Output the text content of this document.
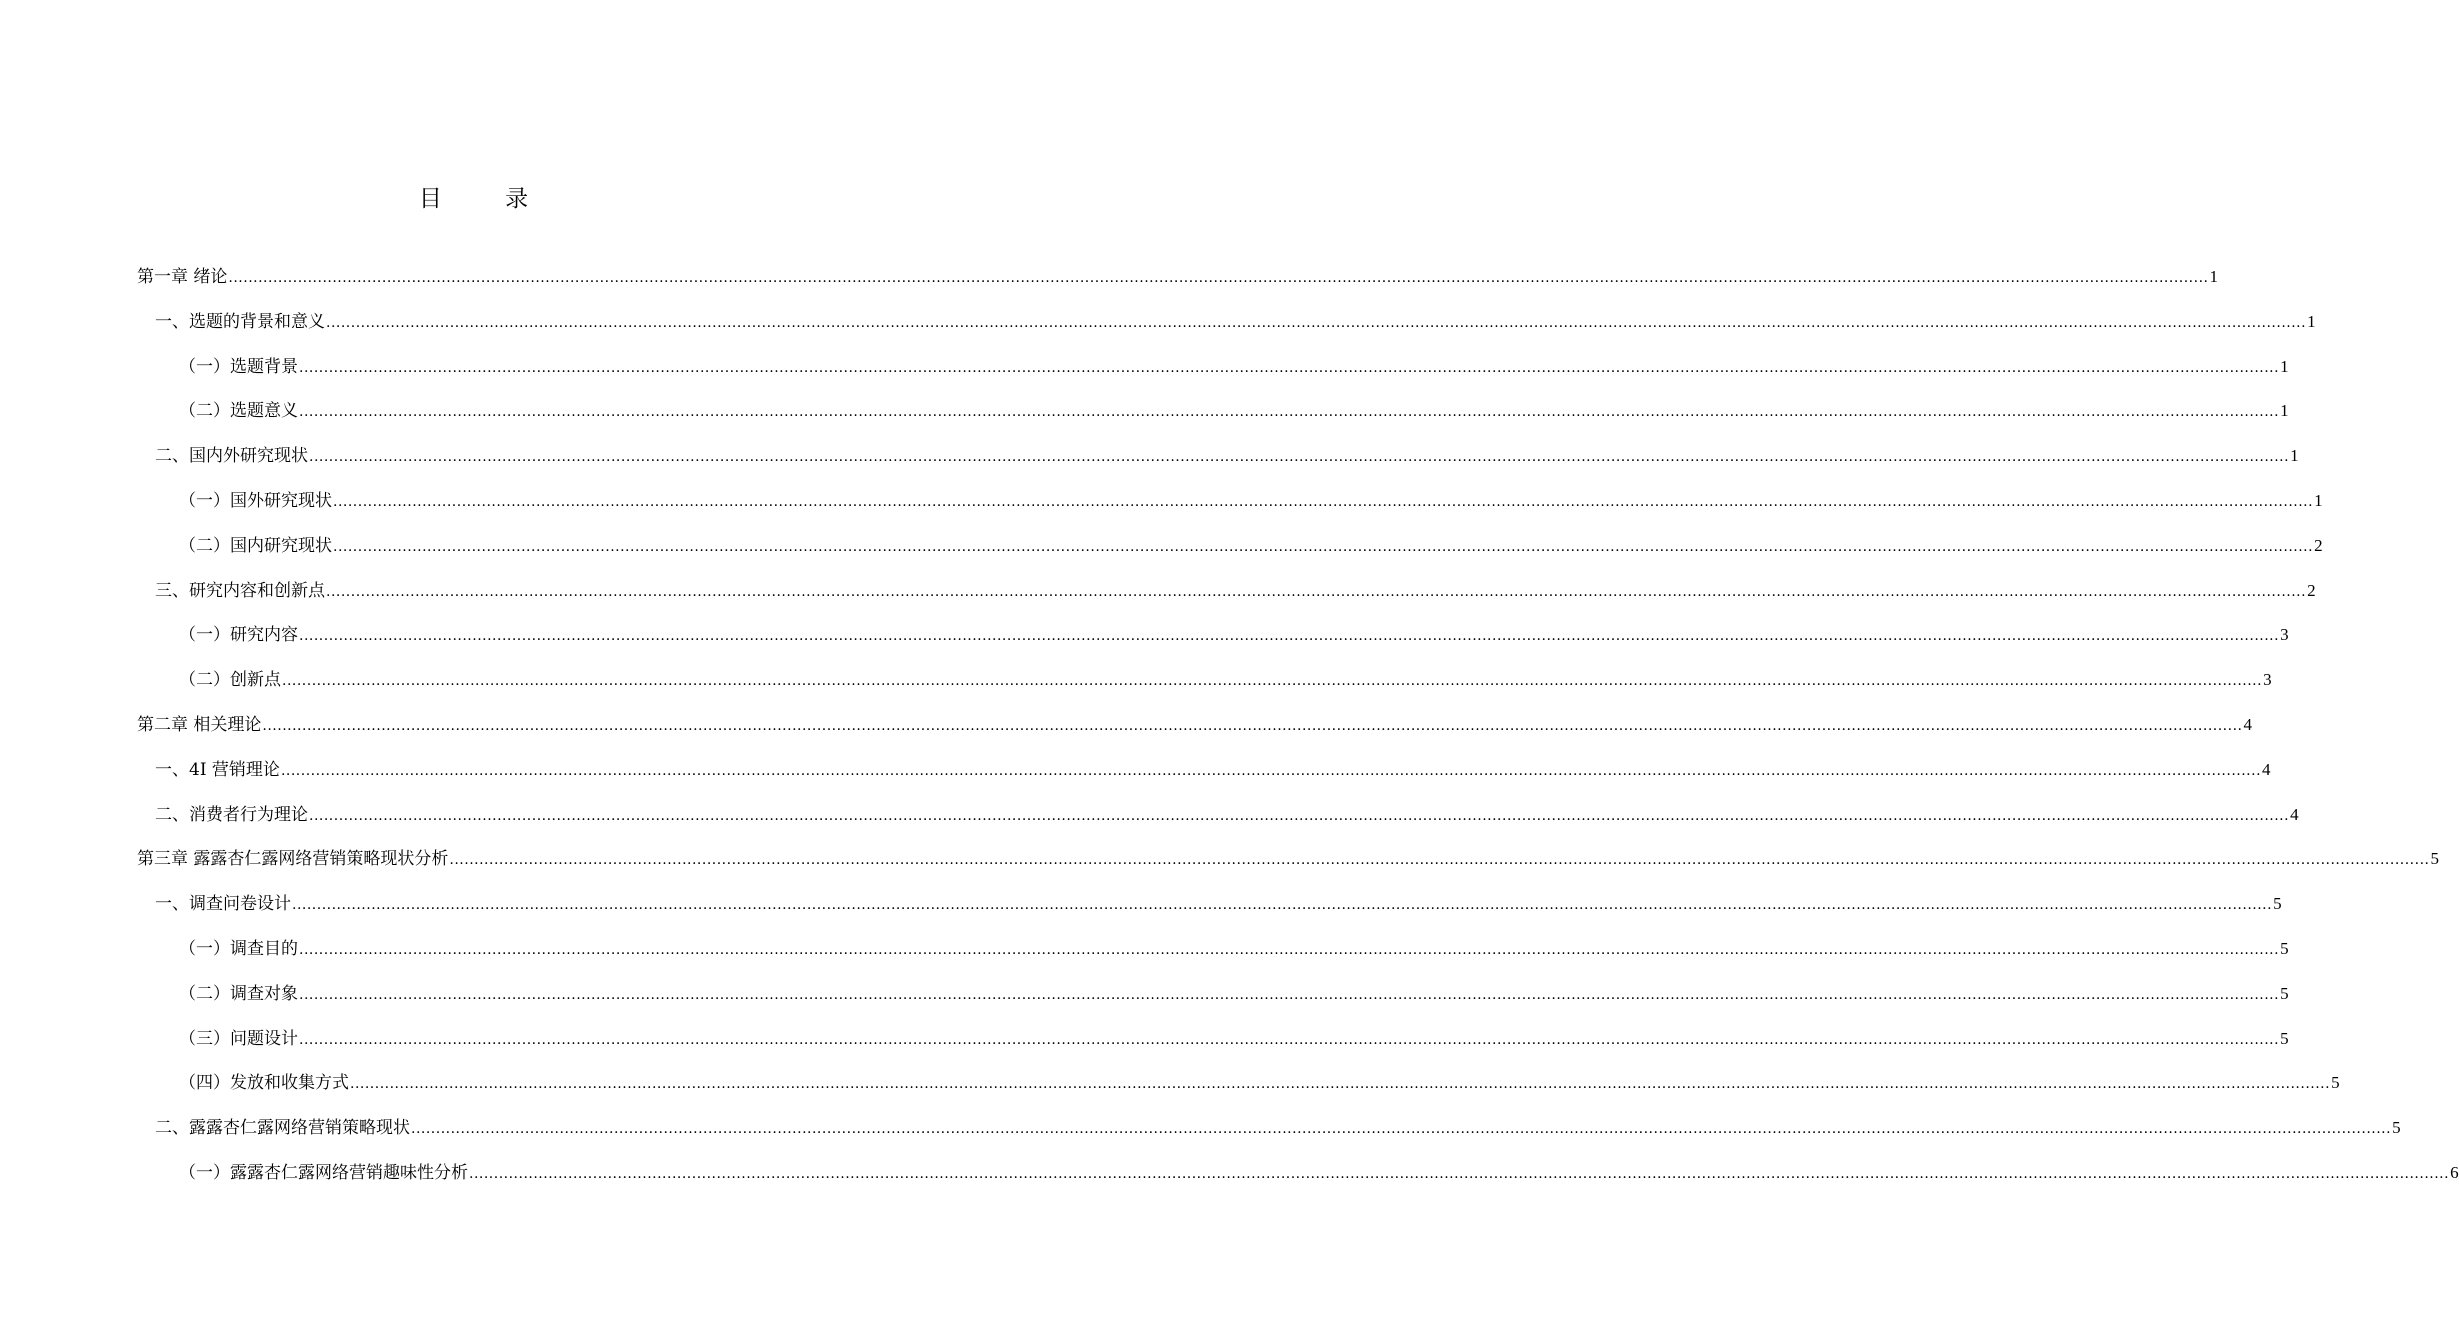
目 录
第一章 绪论 ................................................................................................................................................................................................................................................................................................................................................................................................................ 1
一、选题的背景和意义 ................................................................................................................................................................................................................................................................................................................................................................................................................ 1
（一）选题背景 ................................................................................................................................................................................................................................................................................................................................................................................................................ 1
（二）选题意义 ................................................................................................................................................................................................................................................................................................................................................................................................................ 1
二、国内外研究现状 ................................................................................................................................................................................................................................................................................................................................................................................................................ 1
（一）国外研究现状 ................................................................................................................................................................................................................................................................................................................................................................................................................ 1
（二）国内研究现状 ................................................................................................................................................................................................................................................................................................................................................................................................................ 2
三、研究内容和创新点 ................................................................................................................................................................................................................................................................................................................................................................................................................ 2
（一）研究内容 ................................................................................................................................................................................................................................................................................................................................................................................................................ 3
（二）创新点 ................................................................................................................................................................................................................................................................................................................................................................................................................ 3
第二章 相关理论 ................................................................................................................................................................................................................................................................................................................................................................................................................ 4
一、4I 营销理论 ................................................................................................................................................................................................................................................................................................................................................................................................................ 4
二、消费者行为理论 ................................................................................................................................................................................................................................................................................................................................................................................................................ 4
第三章 露露杏仁露网络营销策略现状分析 ................................................................................................................................................................................................................................................................................................................................................................................................................ 5
一、调查问卷设计 ................................................................................................................................................................................................................................................................................................................................................................................................................ 5
（一）调查目的 ................................................................................................................................................................................................................................................................................................................................................................................................................ 5
（二）调查对象 ................................................................................................................................................................................................................................................................................................................................................................................................................ 5
（三）问题设计 ................................................................................................................................................................................................................................................................................................................................................................................................................ 5
（四）发放和收集方式 ................................................................................................................................................................................................................................................................................................................................................................................................................ 5
二、露露杏仁露网络营销策略现状 ................................................................................................................................................................................................................................................................................................................................................................................................................ 5
（一）露露杏仁露网络营销趣味性分析 ................................................................................................................................................................................................................................................................................................................................................................................................................ 6
